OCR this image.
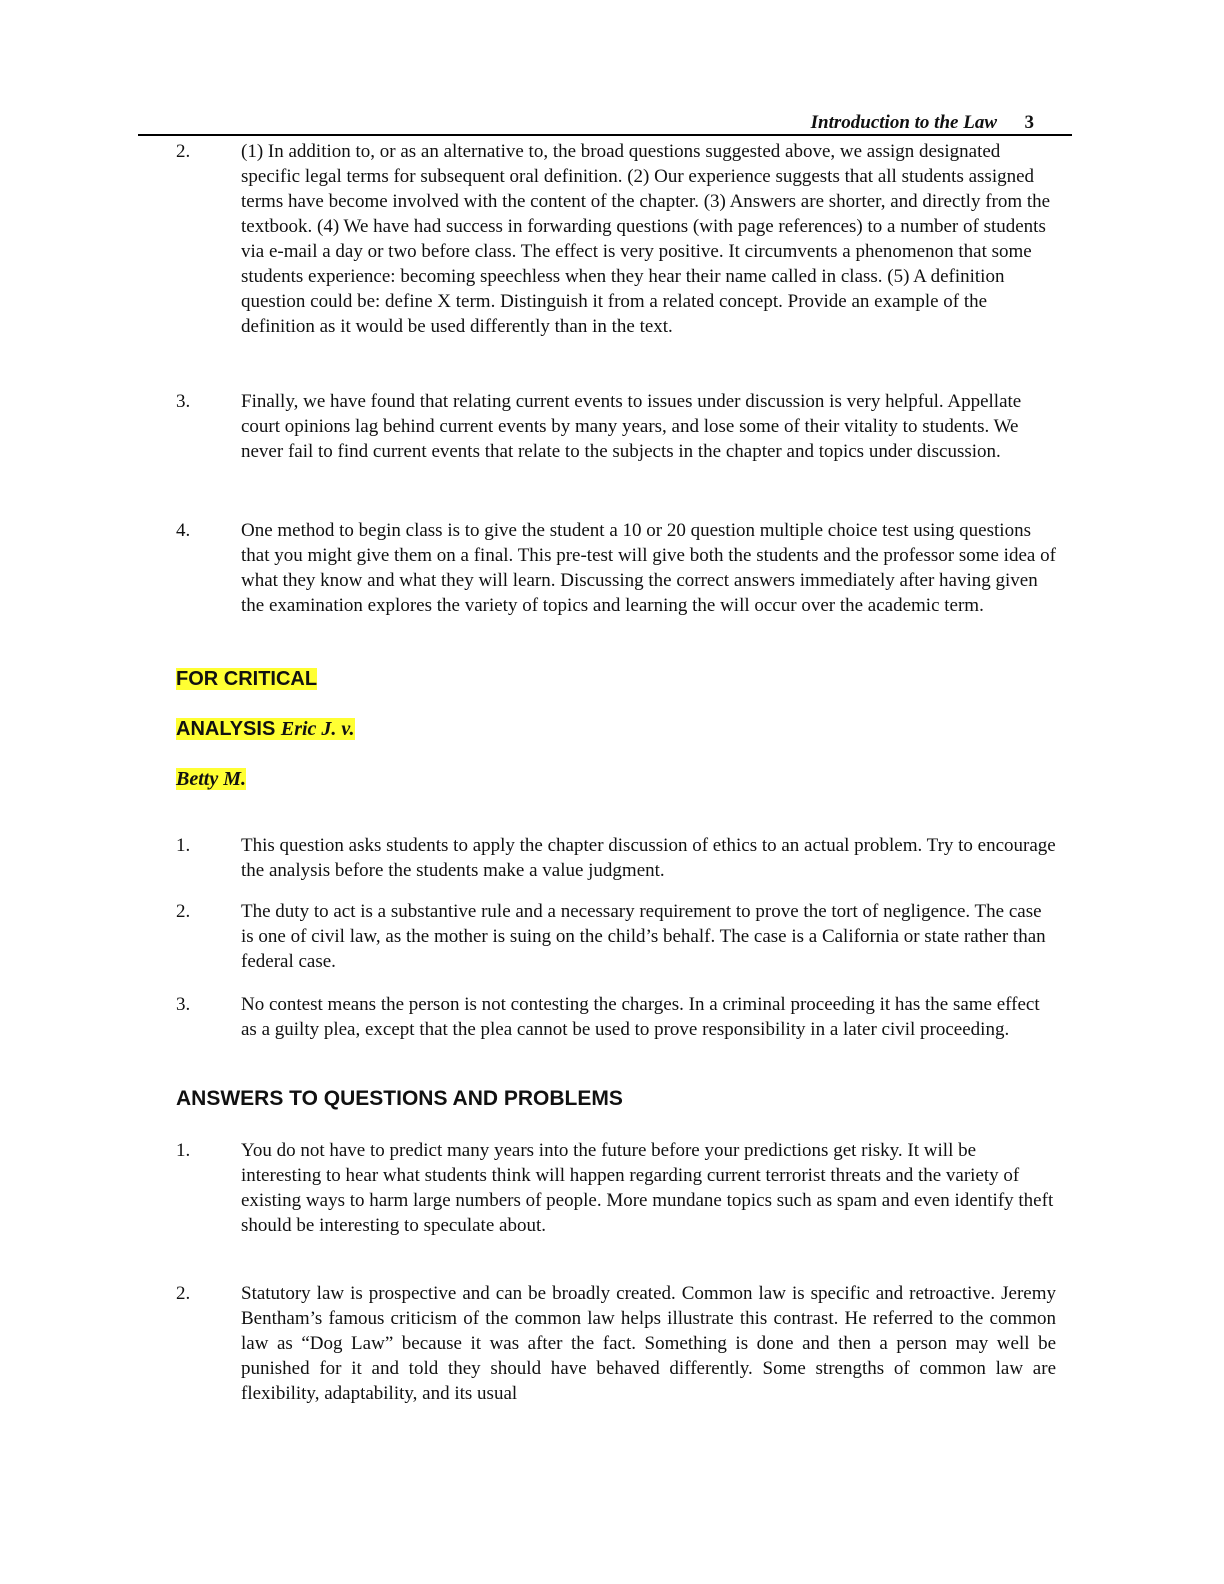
Introduction to the Law 3
2.	(1) In addition to, or as an alternative to, the broad questions suggested above, we assign designated specific legal terms for subsequent oral definition. (2) Our experience suggests that all students assigned terms have become involved with the content of the chapter. (3) Answers are shorter, and directly from the textbook. (4) We have had success in forwarding questions (with page references) to a number of students via e-mail a day or two before class. The effect is very positive. It circumvents a phenomenon that some students experience: becoming speechless when they hear their name called in class. (5) A definition question could be: define X term. Distinguish it from a related concept. Provide an example of the definition as it would be used differently than in the text.
3.	Finally, we have found that relating current events to issues under discussion is very helpful. Appellate court opinions lag behind current events by many years, and lose some of their vitality to students. We never fail to find current events that relate to the subjects in the chapter and topics under discussion.
4.	One method to begin class is to give the student a 10 or 20 question multiple choice test using questions that you might give them on a final. This pre-test will give both the students and the professor some idea of what they know and what they will learn. Discussing the correct answers immediately after having given the examination explores the variety of topics and learning the will occur over the academic term.
FOR CRITICAL
ANALYSIS Eric J. v.
Betty M.
1.	This question asks students to apply the chapter discussion of ethics to an actual problem. Try to encourage the analysis before the students make a value judgment.
2.	The duty to act is a substantive rule and a necessary requirement to prove the tort of negligence. The case is one of civil law, as the mother is suing on the child’s behalf. The case is a California or state rather than federal case.
3.	No contest means the person is not contesting the charges. In a criminal proceeding it has the same effect as a guilty plea, except that the plea cannot be used to prove responsibility in a later civil proceeding.
ANSWERS TO QUESTIONS AND PROBLEMS
1.	You do not have to predict many years into the future before your predictions get risky. It will be interesting to hear what students think will happen regarding current terrorist threats and the variety of existing ways to harm large numbers of people. More mundane topics such as spam and even identify theft should be interesting to speculate about.
2.	Statutory law is prospective and can be broadly created. Common law is specific and retroactive. Jeremy Bentham’s famous criticism of the common law helps illustrate this contrast. He referred to the common law as “Dog Law” because it was after the fact. Something is done and then a person may well be punished for it and told they should have behaved differently. Some strengths of common law are flexibility, adaptability, and its usual
